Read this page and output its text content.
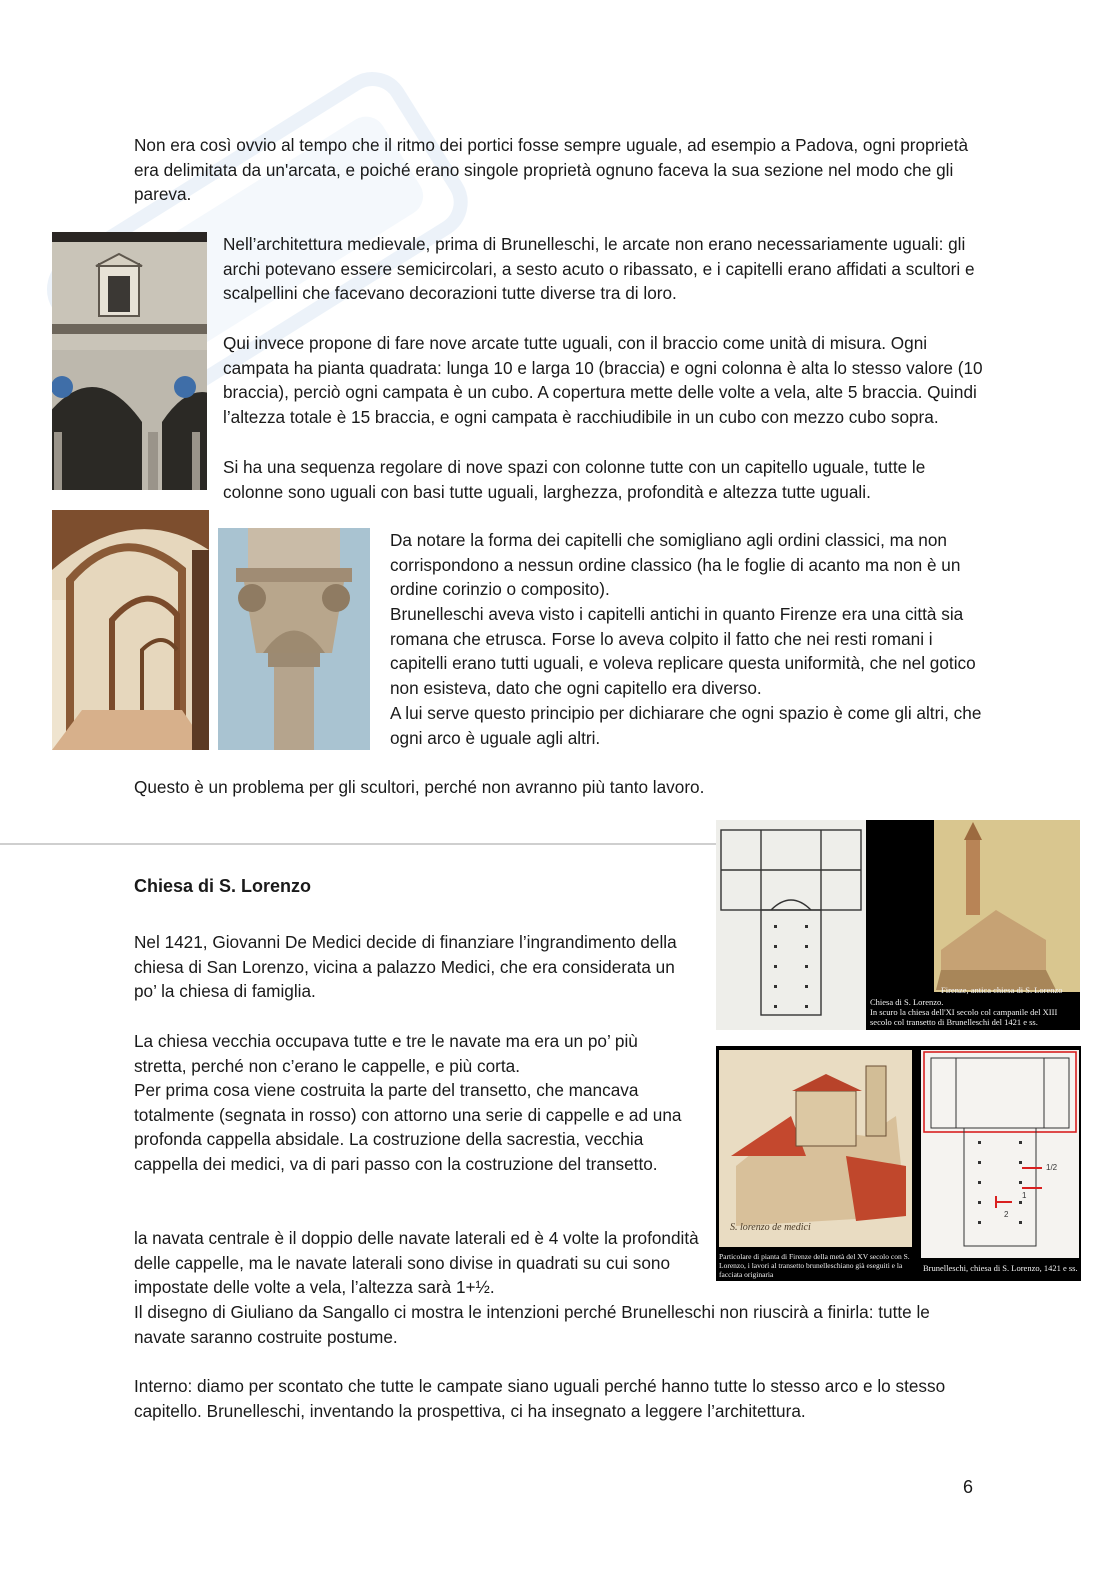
Non era così ovvio al tempo che il ritmo dei portici fosse sempre uguale, ad esempio a Padova, ogni proprietà era delimitata da un'arcata, e poiché erano singole proprietà ognuno faceva la sua sezione nel modo che gli pareva.

Nell’architettura medievale, prima di Brunelleschi, le arcate non erano necessariamente uguali: gli archi potevano essere semicircolari, a sesto acuto o ribassato, e i capitelli erano affidati a scultori e scalpellini che facevano decorazioni tutte diverse tra di loro.

Qui invece propone di fare nove arcate tutte uguali, con il braccio come unità di misura. Ogni campata ha pianta quadrata: lunga 10 e larga 10 (braccia) e ogni colonna è alta lo stesso valore (10 braccia), perciò ogni campata è un cubo. A copertura mette delle volte a vela, alte 5 braccia. Quindi l’altezza totale è 15 braccia, e ogni campata è racchiudibile in un cubo con mezzo cubo sopra.

Si ha una sequenza regolare di nove spazi con colonne tutte con un capitello uguale, tutte le colonne sono uguali con basi tutte uguali, larghezza, profondità e altezza tutte uguali.

Da notare la forma dei capitelli che somigliano agli ordini classici, ma non corrispondono a nessun ordine classico (ha le foglie di acanto ma non è un ordine corinzio o composito).

Brunelleschi aveva visto i capitelli antichi in quanto Firenze era una città sia romana che etrusca. Forse lo aveva colpito il fatto che nei resti romani i capitelli erano tutti uguali, e voleva replicare questa uniformità, che nel gotico non esisteva, dato che ogni capitello era diverso.

A lui serve questo principio per dichiarare che ogni spazio è come gli altri, che ogni arco è uguale agli altri.

Questo è un problema per gli scultori, perché non avranno più tanto lavoro.

Firenze, antica chiesa di S. Lorenzo
Chiesa di S. Lorenzo.
In scuro la chiesa dell'XI secolo col campanile del XIII secolo col transetto di Brunelleschi del 1421 e ss.

Chiesa di S. Lorenzo

Nel 1421, Giovanni De Medici decide di finanziare l’ingrandimento della chiesa di San Lorenzo, vicina a palazzo Medici, che era considerata un po’ la chiesa di famiglia.

La chiesa vecchia occupava tutte e tre le navate ma era un po’ più stretta, perché non c’erano le cappelle, e più corta.

Per prima cosa viene costruita la parte del transetto, che mancava totalmente (segnata in rosso) con attorno una serie di cappelle e ad una profonda cappella absidale. La costruzione della sacrestia, vecchia cappella dei medici, va di pari passo con la costruzione del transetto.

S. lorenzo de medici
1/2
1
2
Particolare di pianta di Firenze della metà del XV secolo con S. Lorenzo, i lavori al transetto brunelleschiano già eseguiti e la facciata originaria
Brunelleschi, chiesa di S. Lorenzo, 1421 e ss.

la navata centrale è il doppio delle navate laterali ed è 4 volte la profondità delle cappelle, ma le navate laterali sono divise in quadrati su cui sono impostate delle volte a vela, l’altezza sarà 1+½.

Il disegno di Giuliano da Sangallo ci mostra le intenzioni perché Brunelleschi non riuscirà a finirla: tutte le navate saranno costruite postume.

Interno: diamo per scontato che tutte le campate siano uguali perché hanno tutte lo stesso arco e lo stesso capitello. Brunelleschi, inventando la prospettiva, ci ha insegnato a leggere l’architettura.

6
